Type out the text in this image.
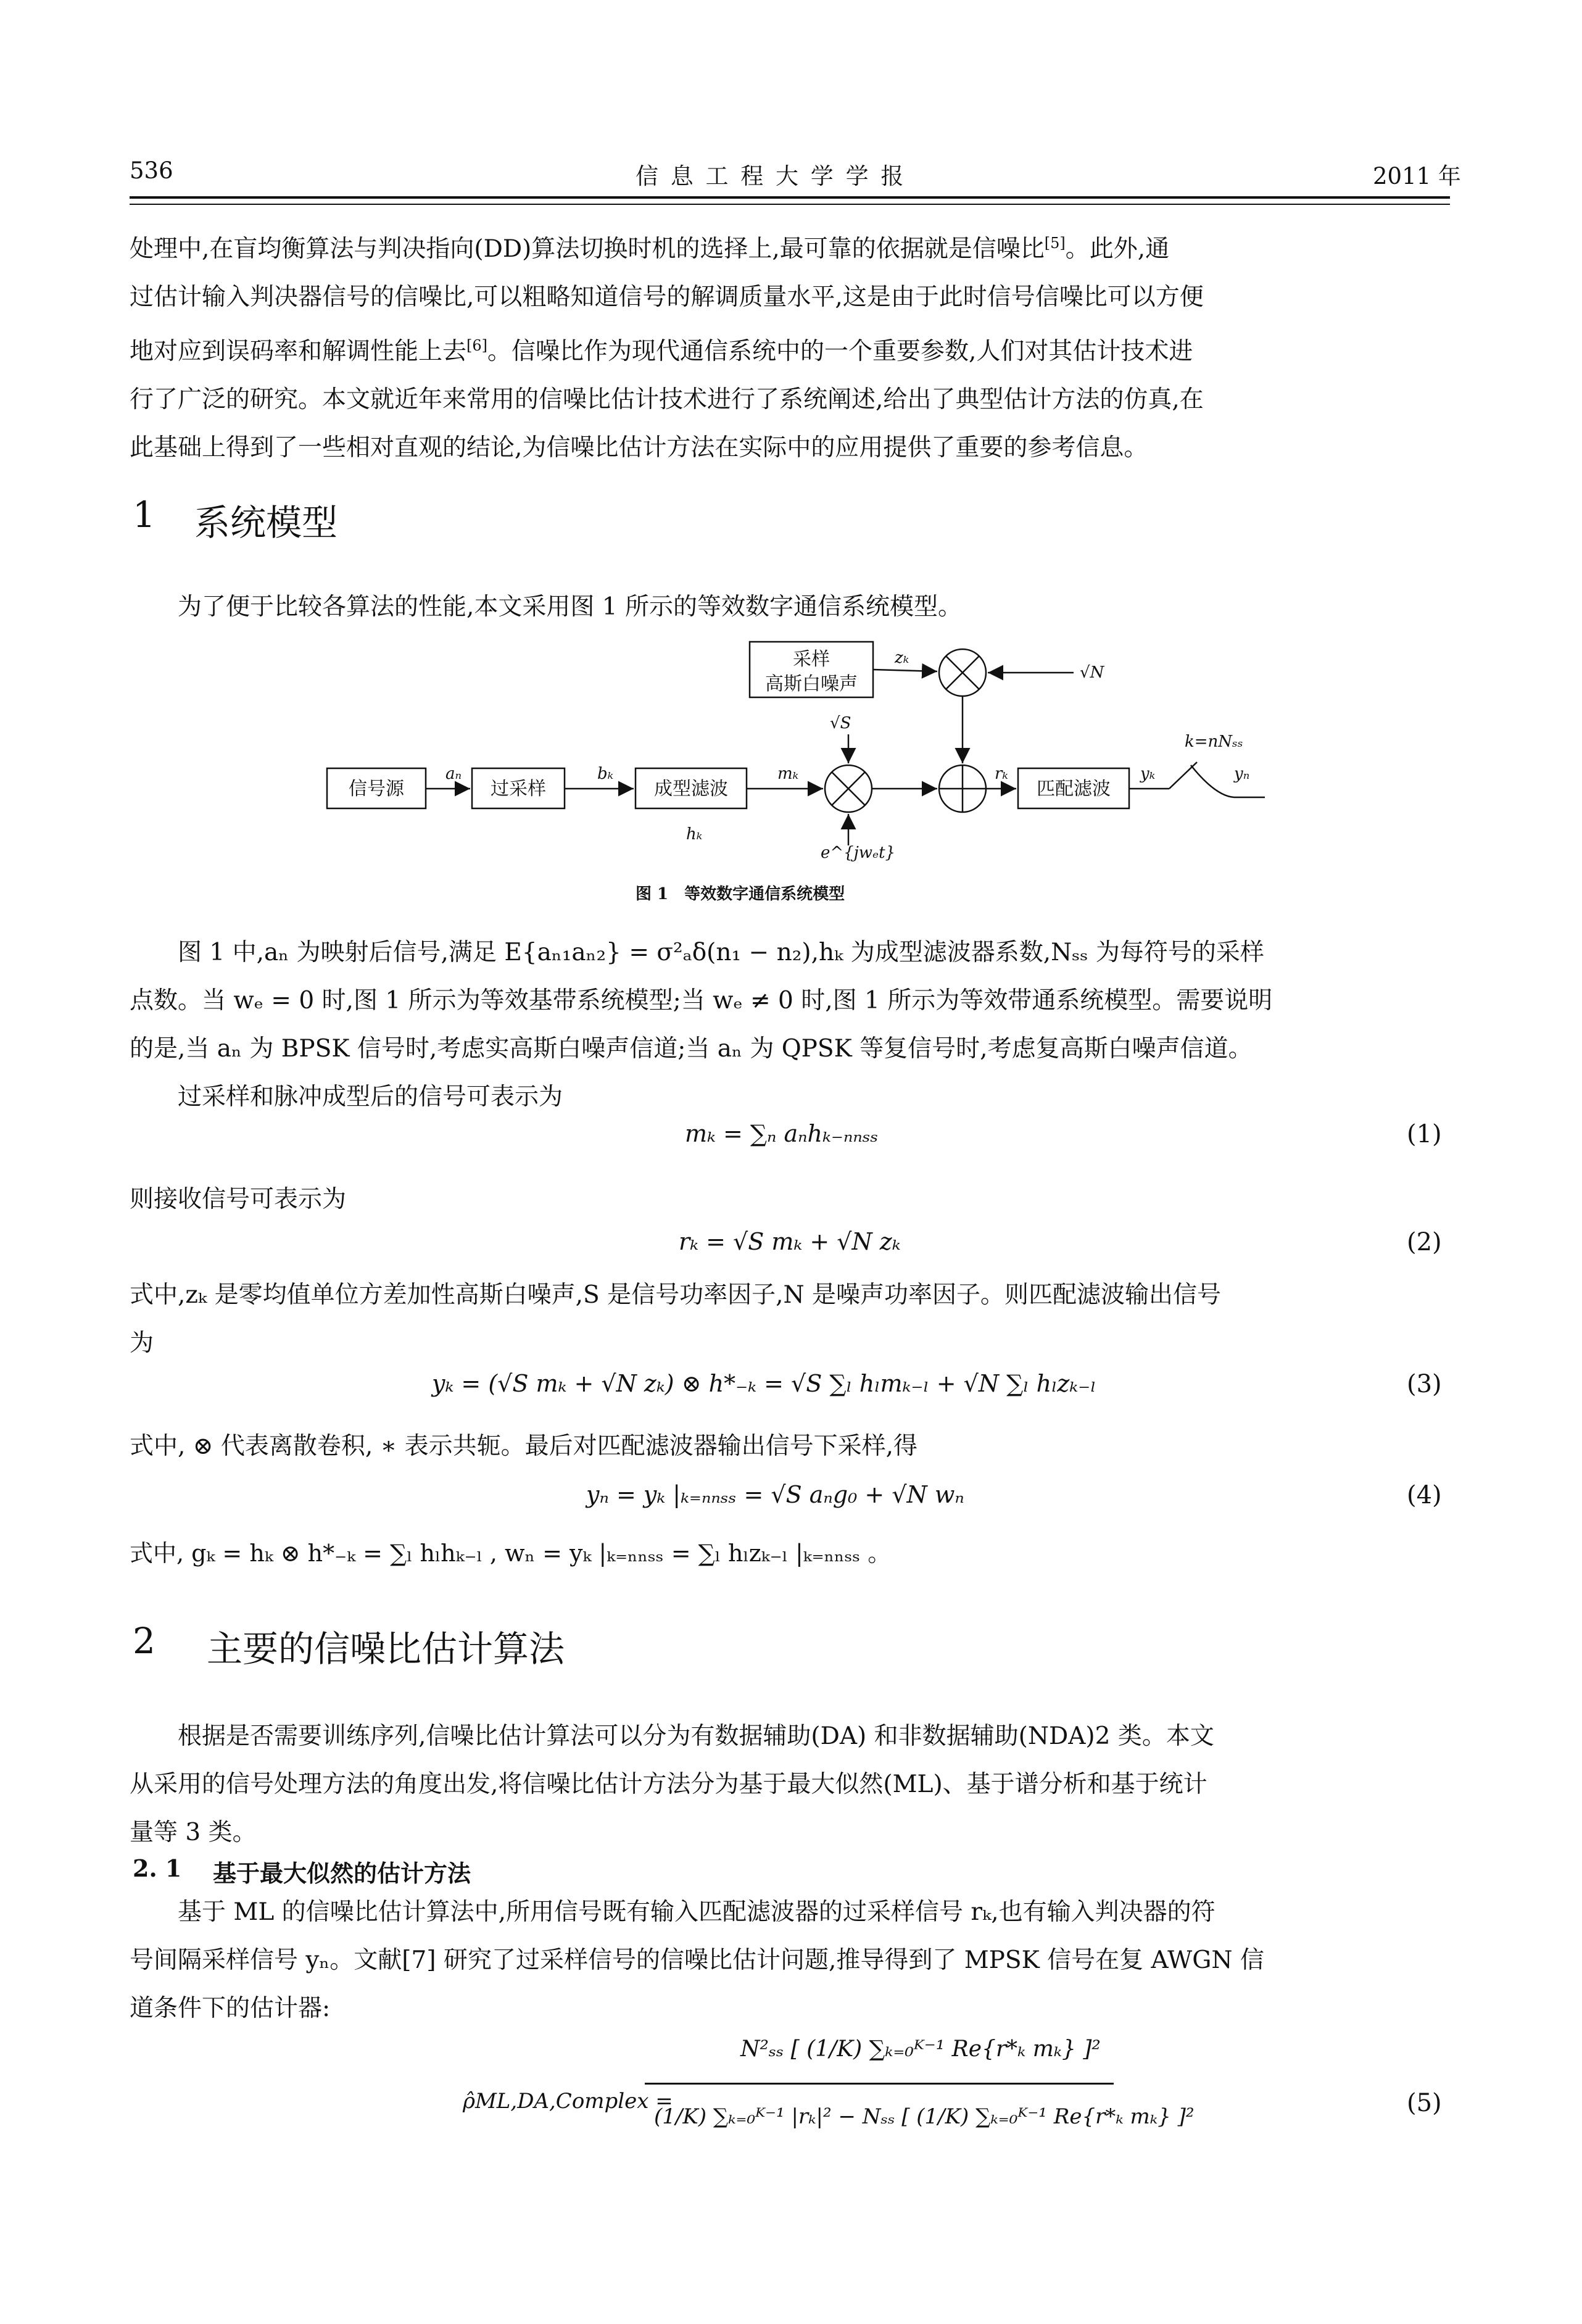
536	信 息 工 程 大 学 学 报	2011 年
处理中,在盲均衡算法与判决指向(DD)算法切换时机的选择上,最可靠的依据就是信噪比[5]。此外,通
过估计输入判决器信号的信噪比,可以粗略知道信号的解调质量水平,这是由于此时信号信噪比可以方便
地对应到误码率和解调性能上去[6]。信噪比作为现代通信系统中的一个重要参数,人们对其估计技术进
行了广泛的研究。本文就近年来常用的信噪比估计技术进行了系统阐述,给出了典型估计方法的仿真,在
此基础上得到了一些相对直观的结论,为信噪比估计方法在实际中的应用提供了重要的参考信息。
1 系统模型
为了便于比较各算法的性能,本文采用图 1 所示的等效数字通信系统模型。
信号源	过采样	成型滤波
采样
高斯白噪声
匹配滤波
aₙ	bₖ	mₖ
hₖ
zₖ
rₖ	yₖ	yₙ
√S
√N
e^{jwₑt}
k=nNₛₛ
图 1　等效数字通信系统模型
图 1 中,aₙ 为映射后信号,满足 E{aₙ₁aₙ₂} = σ²ₐδ(n₁ − n₂),hₖ 为成型滤波器系数,Nₛₛ 为每符号的采样
点数。当 wₑ = 0 时,图 1 所示为等效基带系统模型;当 wₑ ≠ 0 时,图 1 所示为等效带通系统模型。需要说明
的是,当 aₙ 为 BPSK 信号时,考虑实高斯白噪声信道;当 aₙ 为 QPSK 等复信号时,考虑复高斯白噪声信道。
过采样和脉冲成型后的信号可表示为
mₖ = ∑ₙ aₙhₖ₋ₙₙₛₛ	(1)
则接收信号可表示为
rₖ = √S mₖ + √N zₖ	(2)
式中,zₖ 是零均值单位方差加性高斯白噪声,S 是信号功率因子,N 是噪声功率因子。则匹配滤波输出信号
为
yₖ = (√S mₖ + √N zₖ) ⊗ h*₋ₖ = √S ∑ₗ hₗmₖ₋ₗ + √N ∑ₗ hₗzₖ₋ₗ	(3)
式中, ⊗ 代表离散卷积, ∗ 表示共轭。最后对匹配滤波器输出信号下采样,得
yₙ = yₖ |ₖ₌ₙₙₛₛ = √S aₙg₀ + √N wₙ	(4)
式中, gₖ = hₖ ⊗ h*₋ₖ = ∑ₗ hₗhₖ₋ₗ , wₙ = yₖ |ₖ₌ₙₙₛₛ = ∑ₗ hₗzₖ₋ₗ |ₖ₌ₙₙₛₛ 。
2 主要的信噪比估计算法
根据是否需要训练序列,信噪比估计算法可以分为有数据辅助(DA) 和非数据辅助(NDA)2 类。本文
从采用的信号处理方法的角度出发,将信噪比估计方法分为基于最大似然(ML)、基于谱分析和基于统计
量等 3 类。
2. 1 基于最大似然的估计方法
基于 ML 的信噪比估计算法中,所用信号既有输入匹配滤波器的过采样信号 rₖ,也有输入判决器的符
号间隔采样信号 yₙ。文献[7] 研究了过采样信号的信噪比估计问题,推导得到了 MPSK 信号在复 AWGN 信
道条件下的估计器:
ρ̂ML,DA,Complex =
N²ₛₛ [ (1/K) ∑ₖ₌₀ᴷ⁻¹ Re{r*ₖ mₖ} ]²
(1/K) ∑ₖ₌₀ᴷ⁻¹ |rₖ|² − Nₛₛ [ (1/K) ∑ₖ₌₀ᴷ⁻¹ Re{r*ₖ mₖ} ]²	(5)
